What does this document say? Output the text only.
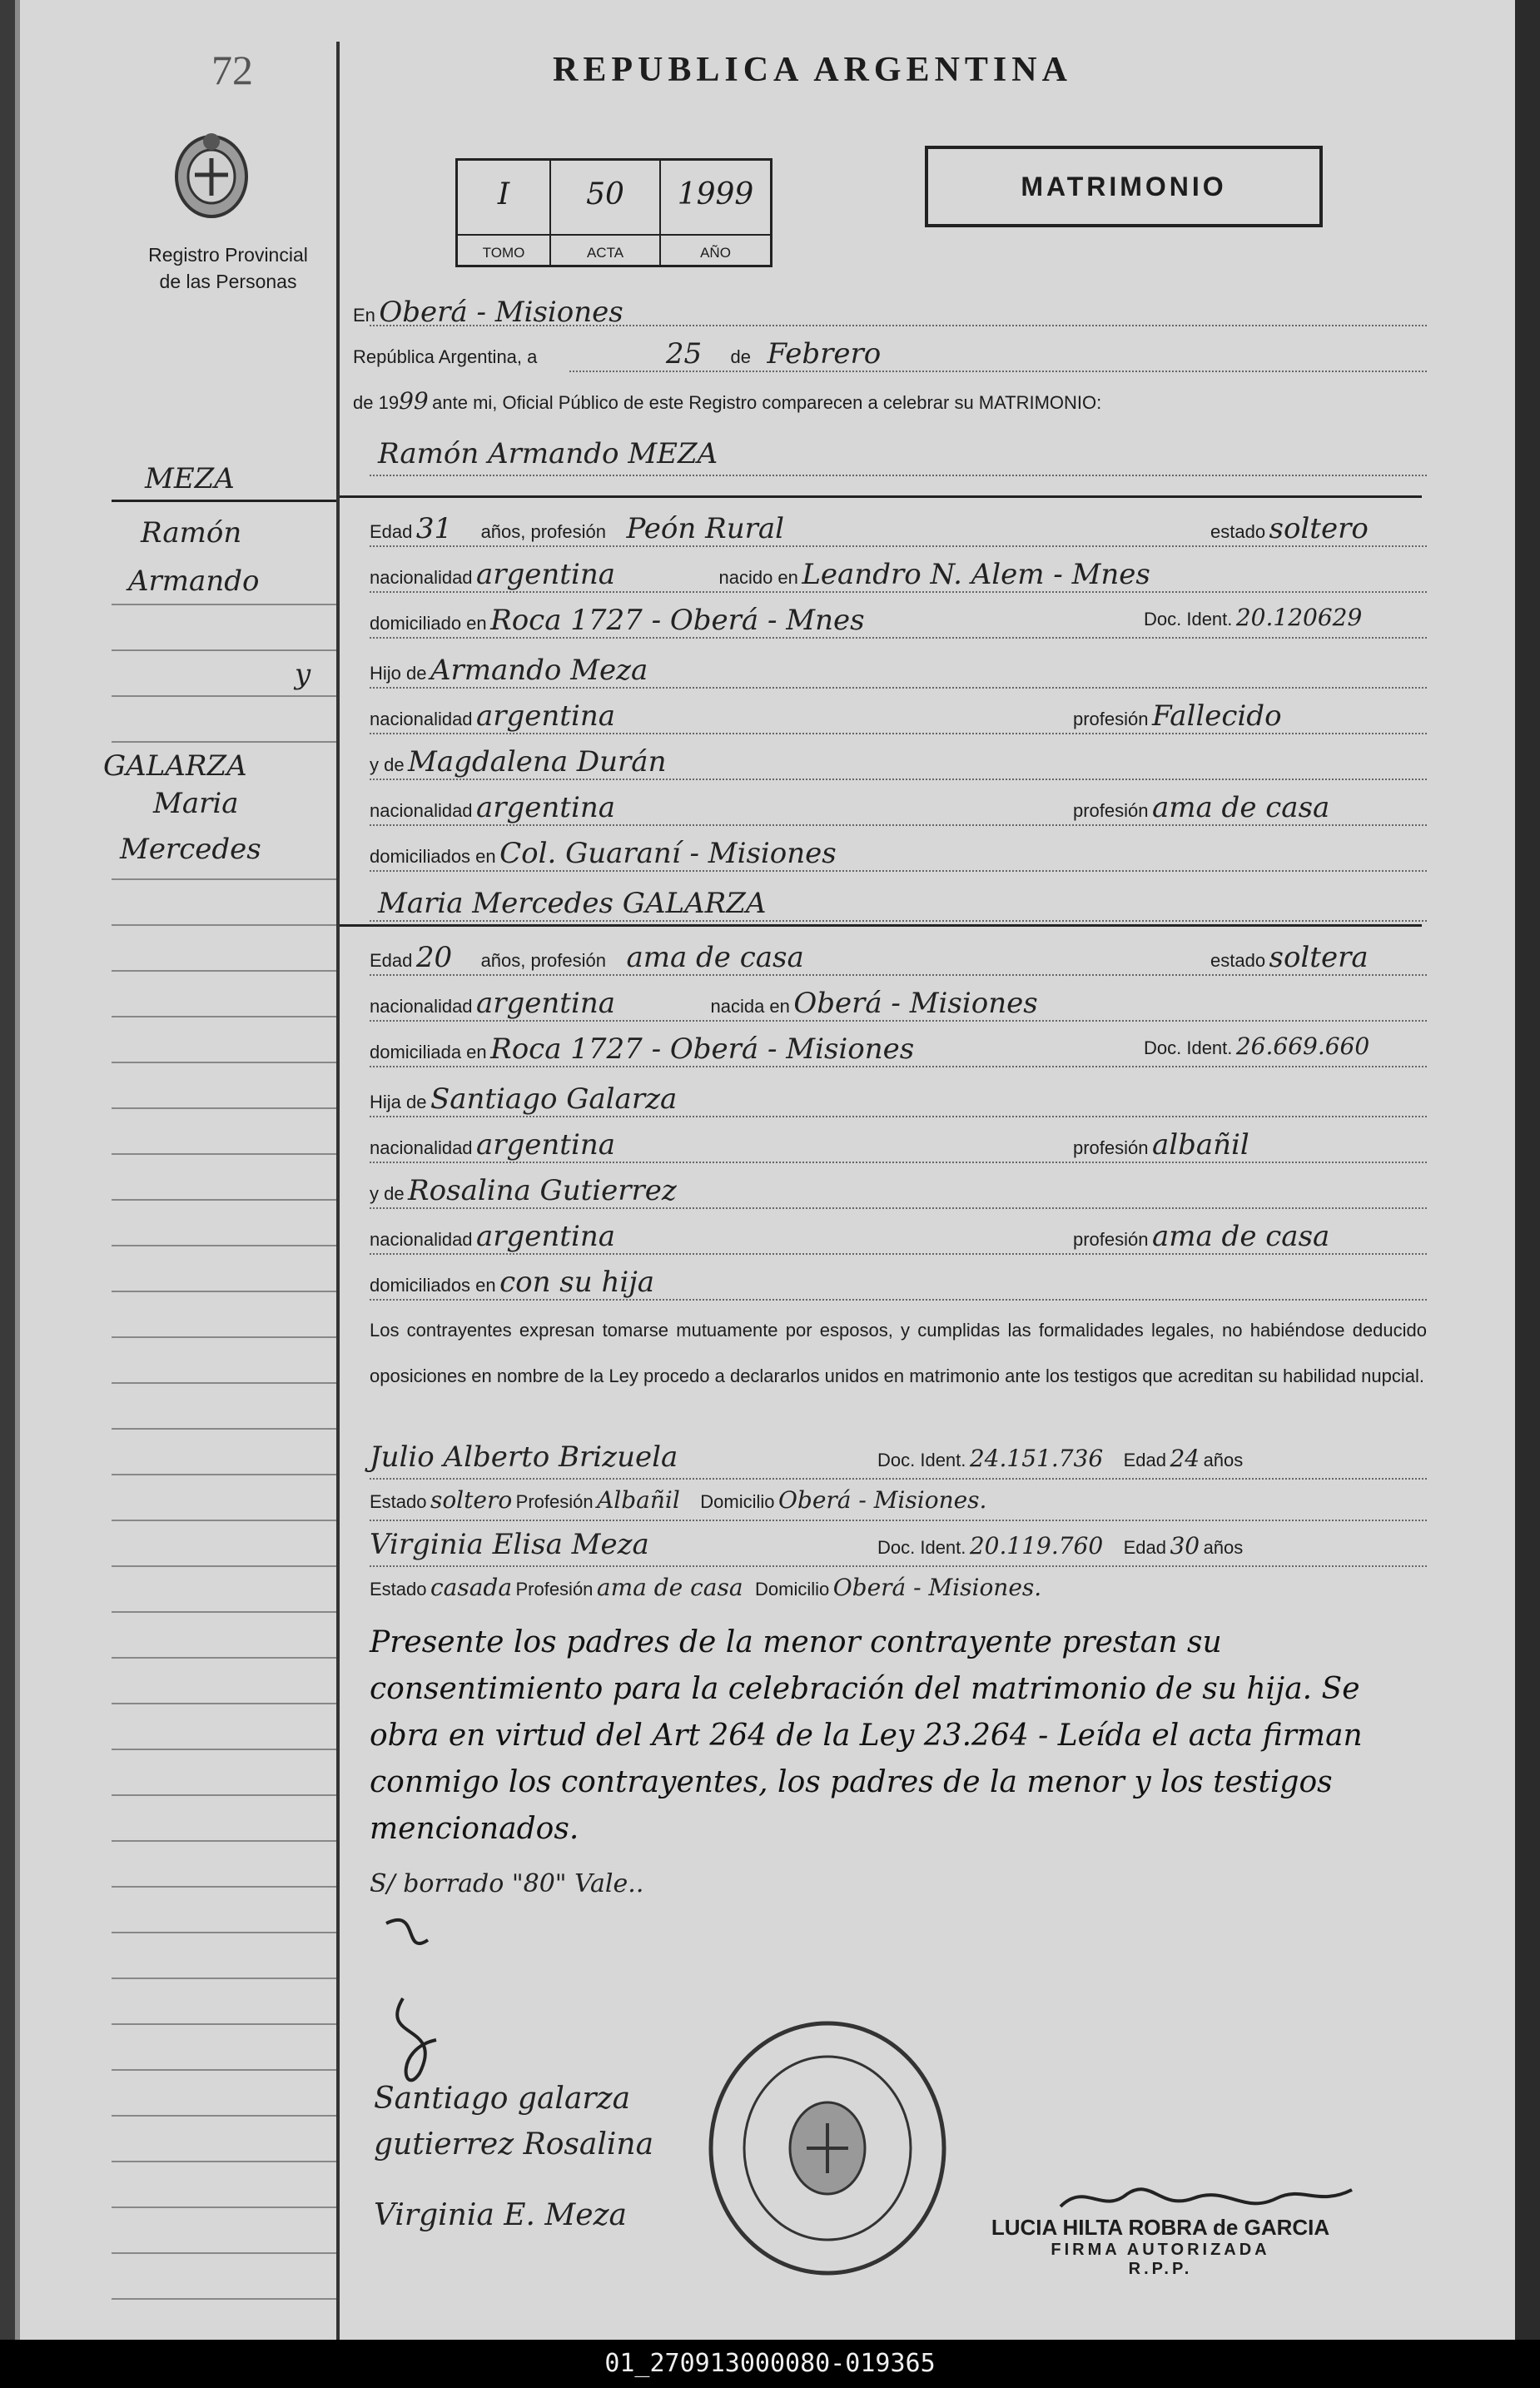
72
Registro Provincial
de las Personas
REPUBLICA ARGENTINA
MATRIMONIO
I
TOMO
50
ACTA
1999
AÑO
MEZA
Ramón
Armando
y
GALARZA
Maria
Mercedes
En Oberá - Misiones
República Argentina, a	25 de Febrero
de 1999 ante mi, Oficial Público de este Registro comparecen a celebrar su MATRIMONIO:
Ramón Armando MEZA
Edad 31 años, profesión Peón Rural	estado soltero
nacionalidad argentina	nacido en Leandro N. Alem - Mnes
domiciliado en Roca 1727 - Oberá - Mnes	Doc. Ident. 20.120629
Hijo de Armando Meza
nacionalidad argentina	profesión Fallecido
y de Magdalena Durán
nacionalidad argentina	profesión ama de casa
domiciliados en Col. Guaraní - Misiones
Maria Mercedes GALARZA
Edad 20 años, profesión ama de casa	estado soltera
nacionalidad argentina	nacida en Oberá - Misiones
domiciliada en Roca 1727 - Oberá - Misiones	Doc. Ident. 26.669.660
Hija de Santiago Galarza
nacionalidad argentina	profesión albañil
y de Rosalina Gutierrez
nacionalidad argentina	profesión ama de casa
domiciliados en con su hija
Los contrayentes expresan tomarse mutuamente por esposos, y cumplidas las formalidades legales, no habiéndose deducido oposiciones en nombre de la Ley procedo a declararlos unidos en matrimonio ante los testigos que acreditan su habilidad nupcial.
Julio Alberto Brizuela	Doc. Ident. 24.151.736 Edad 24 años
Estado soltero Profesión Albañil Domicilio Oberá - Misiones.
Virginia Elisa Meza	Doc. Ident. 20.119.760 Edad 30 años
Estado casada Profesión ama de casa Domicilio Oberá - Misiones.
Presente los padres de la menor contrayente prestan su consentimiento para la celebración del matrimonio de su hija. Se obra en virtud del Art 264 de la Ley 23.264 - Leída el acta firman conmigo los contrayentes, los padres de la menor y los testigos mencionados.
S/ borrado "80" Vale..
Santiago galarza
gutierrez Rosalina
Virginia E. Meza	LUCIA HILTA ROBRA de GARCIA
FIRMA AUTORIZADA
R.P.P.
01_270913000080-019365
